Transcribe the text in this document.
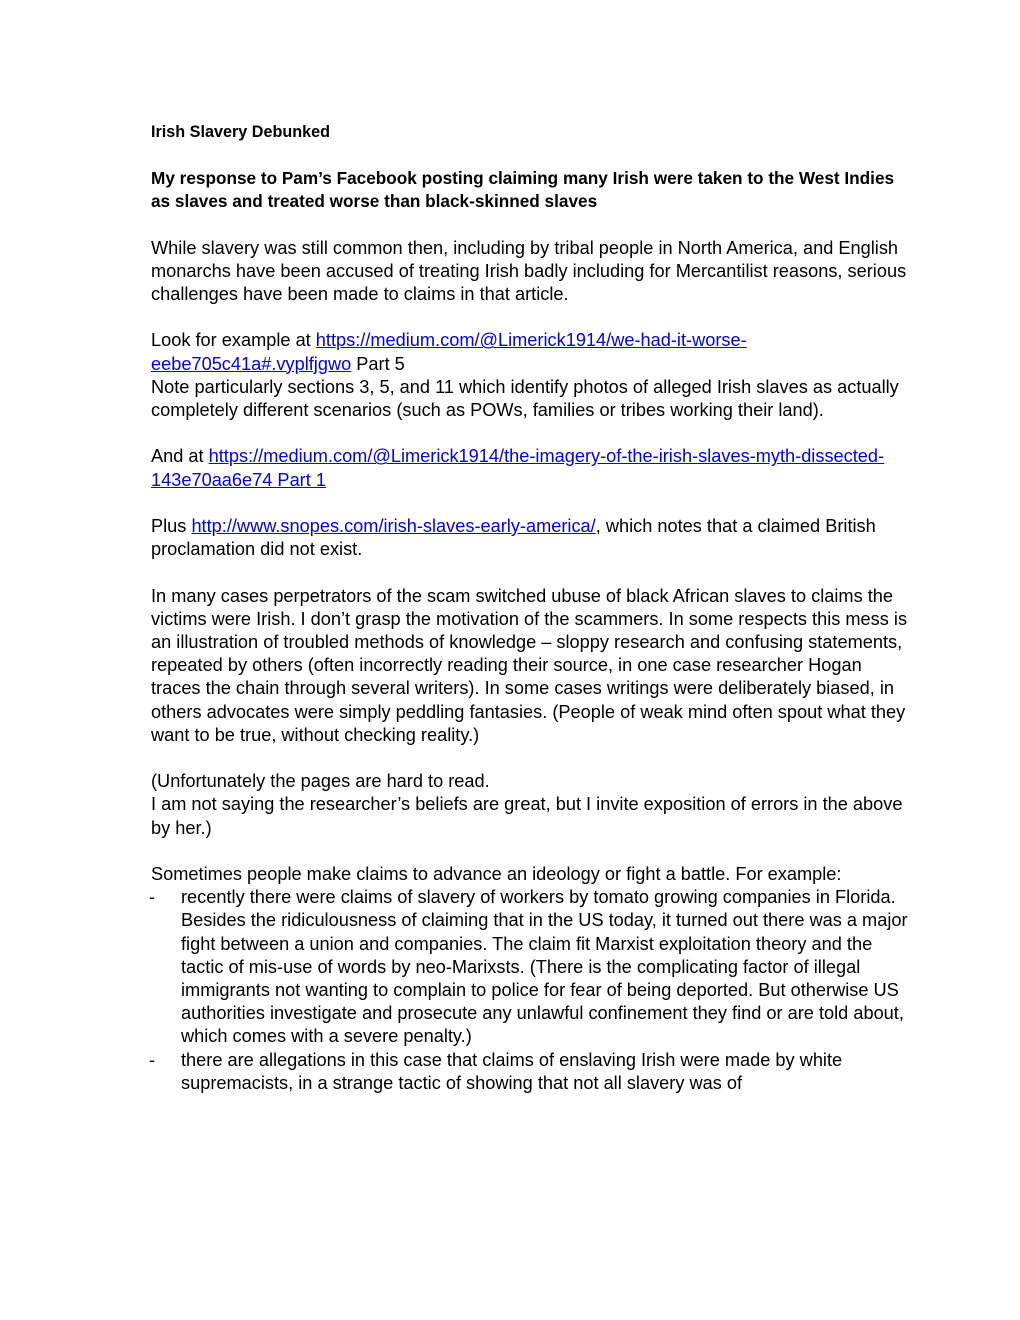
Irish Slavery Debunked

My response to Pam’s Facebook posting claiming many Irish were taken to the West Indies as slaves and treated worse than black-skinned slaves

While slavery was still common then, including by tribal people in North America, and English monarchs have been accused of treating Irish badly including for Mercantilist reasons, serious challenges have been made to claims in that article.

Look for example at https://medium.com/@Limerick1914/we-had-it-worse-eebe705c41a#.vyplfjgwo Part 5

Note particularly sections 3, 5, and 11 which identify photos of alleged Irish slaves as actually completely different scenarios (such as POWs, families or tribes working their land).

And at https://medium.com/@Limerick1914/the-imagery-of-the-irish-slaves-myth-dissected-143e70aa6e74 Part 1

Plus http://www.snopes.com/irish-slaves-early-america/, which notes that a claimed British proclamation did not exist.

In many cases perpetrators of the scam switched ubuse of black African slaves to claims the victims were Irish. I don’t grasp the motivation of the scammers. In some respects this mess is an illustration of troubled methods of knowledge – sloppy research and confusing statements, repeated by others (often incorrectly reading their source, in one case researcher Hogan traces the chain through several writers). In some cases writings were deliberately biased, in others advocates were simply peddling fantasies. (People of weak mind often spout what they want to be true, without checking reality.)

(Unfortunately the pages are hard to read.

I am not saying the researcher’s beliefs are great, but I invite exposition of errors in the above by her.)

Sometimes people make claims to advance an ideology or fight a battle. For example:

- recently there were claims of slavery of workers by tomato growing companies in Florida. Besides the ridiculousness of claiming that in the US today, it turned out there was a major fight between a union and companies. The claim fit Marxist exploitation theory and the tactic of mis-use of words by neo-Marixsts. (There is the complicating factor of illegal immigrants not wanting to complain to police for fear of being deported. But otherwise US authorities investigate and prosecute any unlawful confinement they find or are told about, which comes with a severe penalty.)
- there are allegations in this case that claims of enslaving Irish were made by white supremacists, in a strange tactic of showing that not all slavery was of
